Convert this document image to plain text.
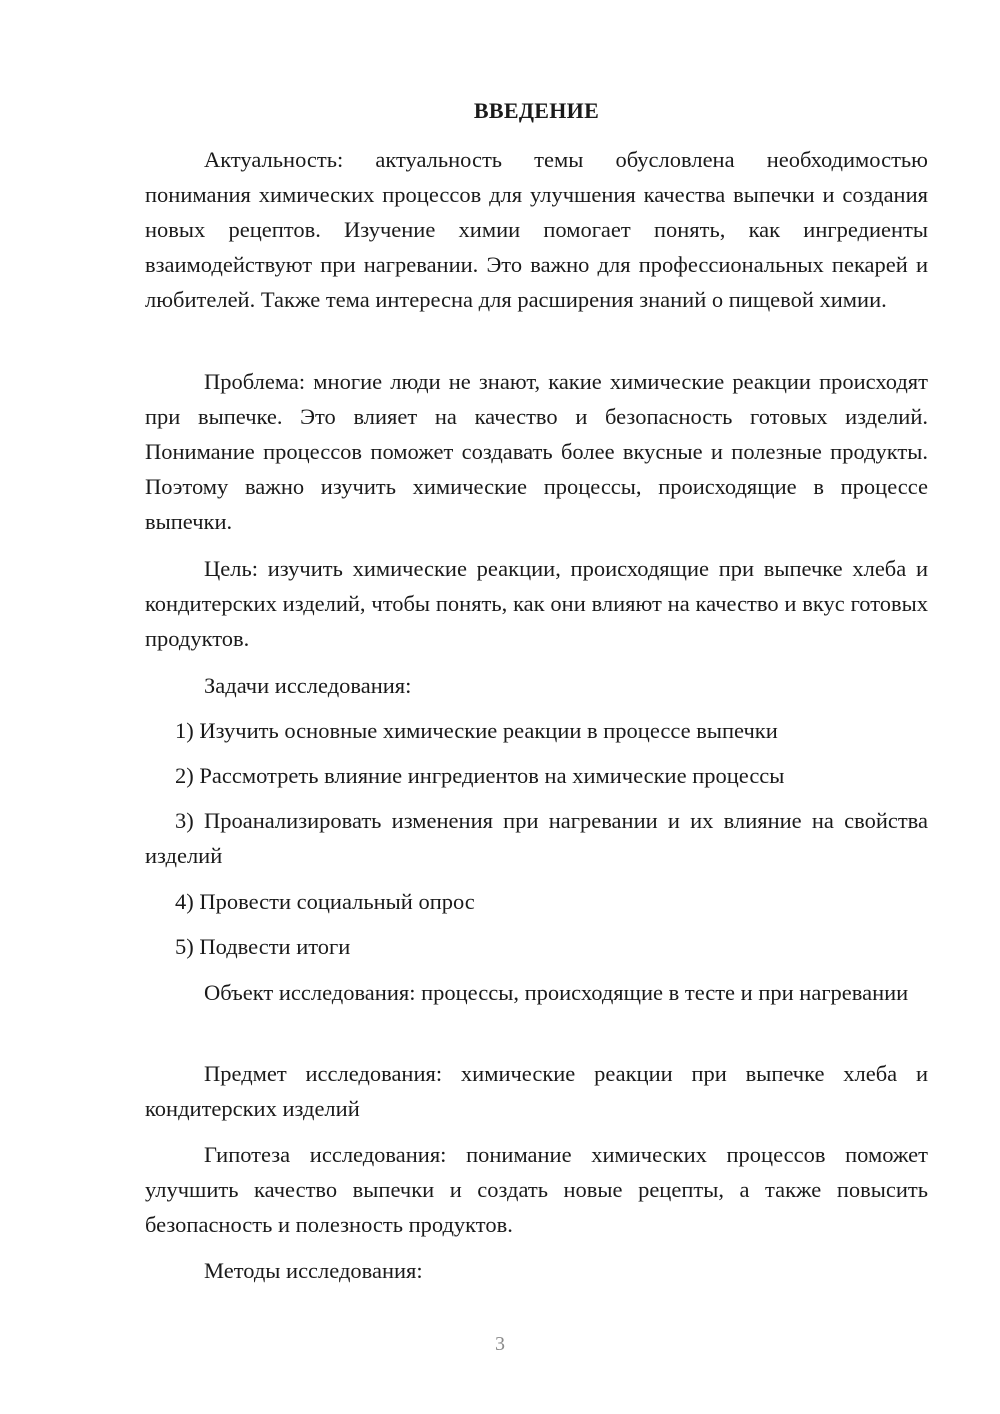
ВВЕДЕНИЕ

Актуальность: актуальность темы обусловлена необходимостью понимания химических процессов для улучшения качества выпечки и создания новых рецептов. Изучение химии помогает понять, как ингредиенты взаимодействуют при нагревании. Это важно для профессиональных пекарей и любителей. Также тема интересна для расширения знаний о пищевой химии.

Проблема: многие люди не знают, какие химические реакции происходят при выпечке. Это влияет на качество и безопасность готовых изделий. Понимание процессов поможет создавать более вкусные и полезные продукты. Поэтому важно изучить химические процессы, происходящие в процессе выпечки.

Цель: изучить химические реакции, происходящие при выпечке хлеба и кондитерских изделий, чтобы понять, как они влияют на качество и вкус готовых продуктов.

Задачи исследования:

1) Изучить основные химические реакции в процессе выпечки

2) Рассмотреть влияние ингредиентов на химические процессы

3) Проанализировать изменения при нагревании и их влияние на свойства изделий

4) Провести социальный опрос

5) Подвести итоги

Объект исследования: процессы, происходящие в тесте и при нагревании

Предмет исследования: химические реакции при выпечке хлеба и кондитерских изделий

Гипотеза исследования: понимание химических процессов поможет улучшить качество выпечки и создать новые рецепты, а также повысить безопасность и полезность продуктов.

Методы исследования:

3
